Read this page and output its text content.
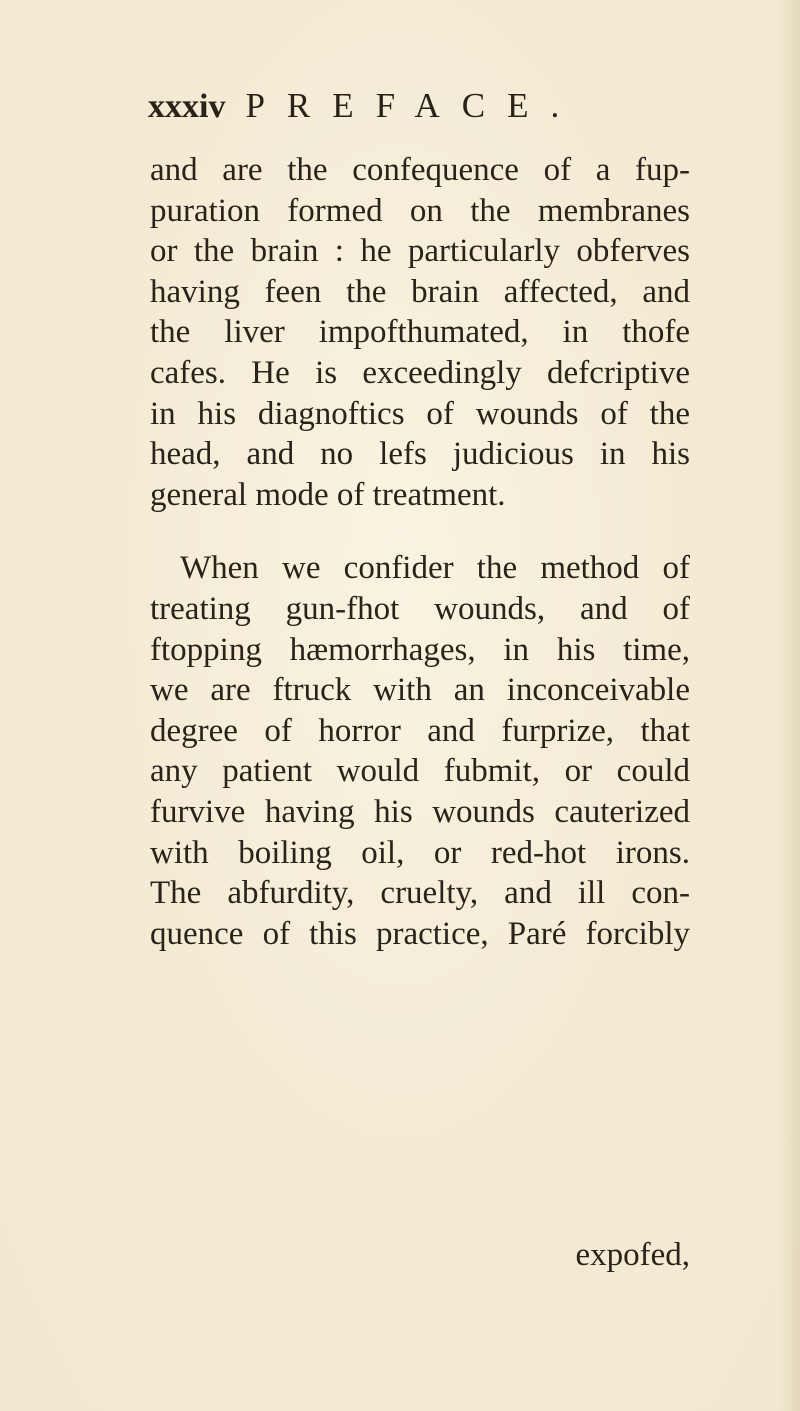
xxxiv PREFACE.
and are the confequence of a fup-
puration formed on the membranes
or the brain : he particularly obferves
having feen the brain affected, and
the liver impofthumated, in thofe
cafes. He is exceedingly defcriptive
in his diagnoftics of wounds of the
head, and no lefs judicious in his
general mode of treatment.
When we confider the method of
treating gun-fhot wounds, and of
ftopping hæmorrhages, in his time,
we are ftruck with an inconceivable
degree of horror and furprize, that
any patient would fubmit, or could
furvive having his wounds cauterized
with boiling oil, or red-hot irons.
The abfurdity, cruelty, and ill con-
quence of this practice, Paré forcibly
expofed,
